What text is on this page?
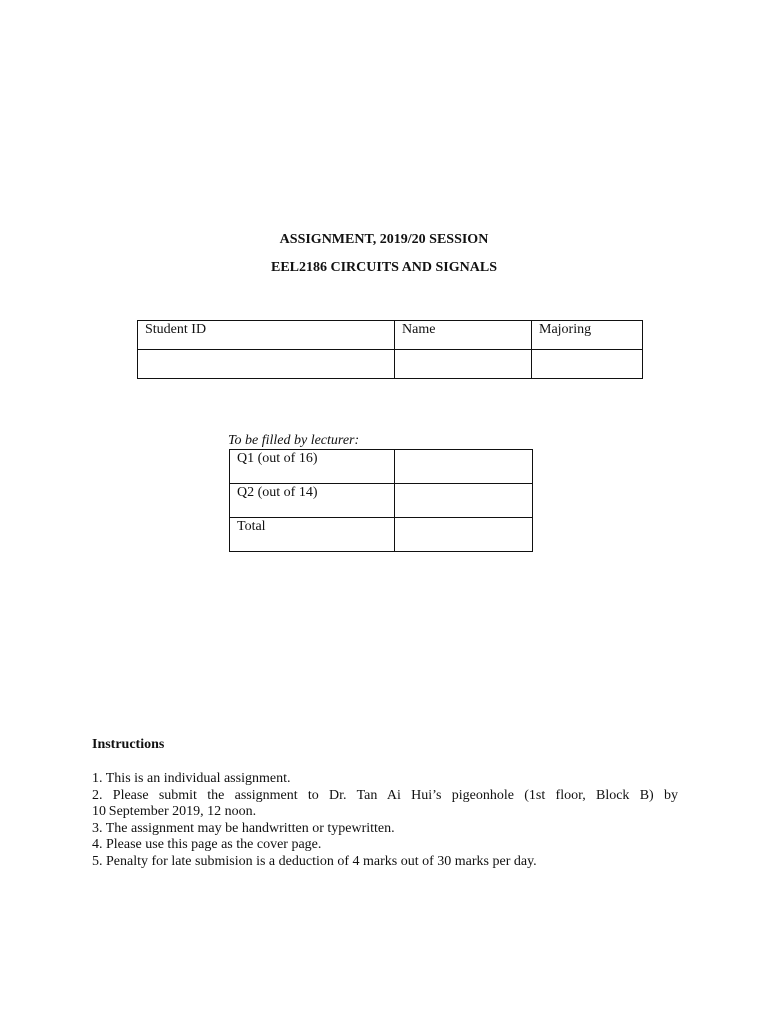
ASSIGNMENT, 2019/20 SESSION
EEL2186 CIRCUITS AND SIGNALS
Student ID	Name	Majoring

To be filled by lecturer:
Q1 (out of 16)	

Q2 (out of 14)	

Total	

Instructions
1. This is an individual assignment.
2. Please submit the assignment to Dr. Tan Ai Hui’s pigeonhole (1st floor, Block B) by
10 September 2019, 12 noon.
3. The assignment may be handwritten or typewritten.
4. Please use this page as the cover page.
5. Penalty for late submision is a deduction of 4 marks out of 30 marks per day.
